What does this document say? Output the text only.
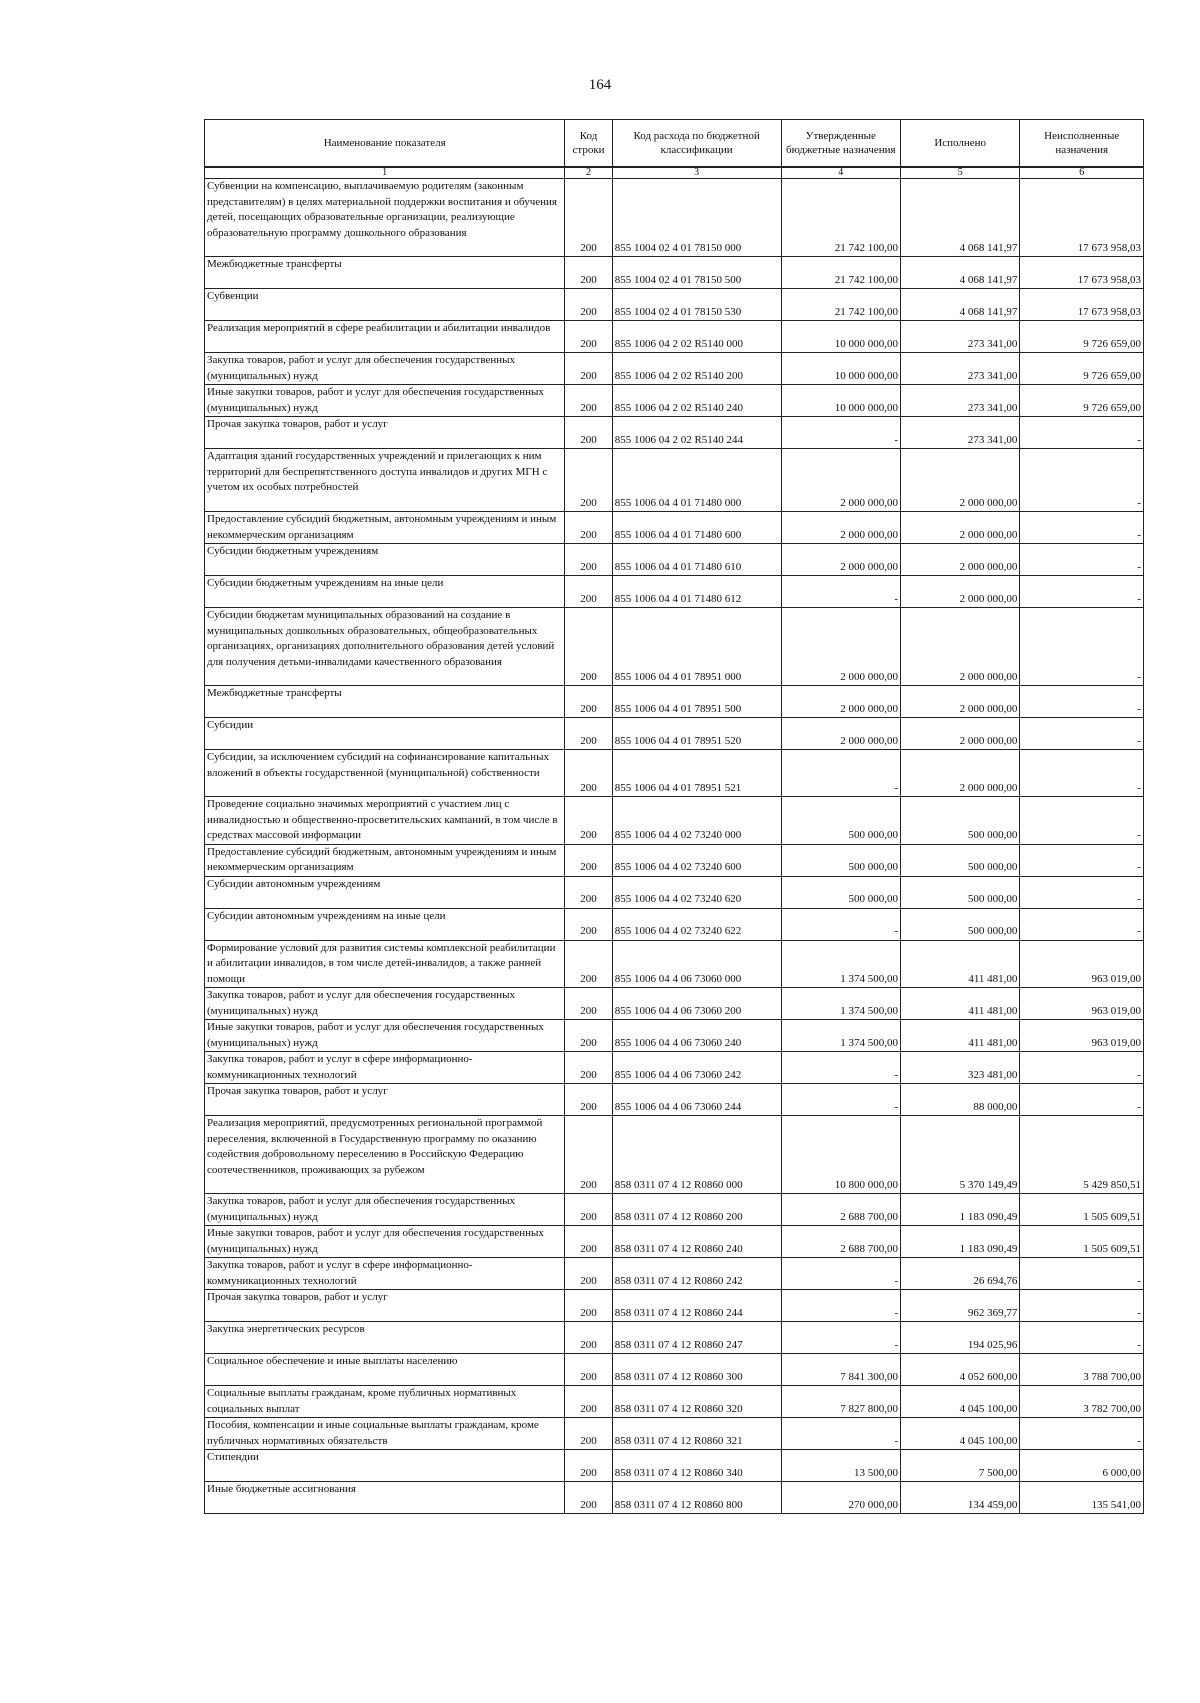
164
Наименование показателя	Код строки	Код расхода по бюджетной классификации	Утвержденные бюджетные назначения	Исполнено	Неисполненные назначения
1	2	3	4	5	6
Субвенции на компенсацию, выплачиваемую родителям (законным представителям) в целях материальной поддержки воспитания и обучения детей, посещающих образовательные организации, реализующие образовательную программу дошкольного образования	200	855 1004 02 4 01 78150 000	21 742 100,00	4 068 141,97	17 673 958,03
Межбюджетные трансферты	200	855 1004 02 4 01 78150 500	21 742 100,00	4 068 141,97	17 673 958,03
Субвенции	200	855 1004 02 4 01 78150 530	21 742 100,00	4 068 141,97	17 673 958,03
Реализация мероприятий в сфере реабилитации и абилитации инвалидов	200	855 1006 04 2 02 R5140 000	10 000 000,00	273 341,00	9 726 659,00
Закупка товаров, работ и услуг для обеспечения государственных (муниципальных) нужд	200	855 1006 04 2 02 R5140 200	10 000 000,00	273 341,00	9 726 659,00
Иные закупки товаров, работ и услуг для обеспечения государственных (муниципальных) нужд	200	855 1006 04 2 02 R5140 240	10 000 000,00	273 341,00	9 726 659,00
Прочая закупка товаров, работ и услуг	200	855 1006 04 2 02 R5140 244	-	273 341,00	-
Адаптация зданий государственных учреждений и прилегающих к ним территорий для беспрепятственного доступа инвалидов и других МГН с учетом их особых потребностей	200	855 1006 04 4 01 71480 000	2 000 000,00	2 000 000,00	-
Предоставление субсидий бюджетным, автономным учреждениям и иным некоммерческим организациям	200	855 1006 04 4 01 71480 600	2 000 000,00	2 000 000,00	-
Субсидии бюджетным учреждениям	200	855 1006 04 4 01 71480 610	2 000 000,00	2 000 000,00	-
Субсидии бюджетным учреждениям на иные цели	200	855 1006 04 4 01 71480 612	-	2 000 000,00	-
Субсидии бюджетам муниципальных образований на создание в муниципальных дошкольных образовательных, общеобразовательных организациях, организациях дополнительного образования детей условий для получения детьми-инвалидами качественного образования	200	855 1006 04 4 01 78951 000	2 000 000,00	2 000 000,00	-
Межбюджетные трансферты	200	855 1006 04 4 01 78951 500	2 000 000,00	2 000 000,00	-
Субсидии	200	855 1006 04 4 01 78951 520	2 000 000,00	2 000 000,00	-
Субсидии, за исключением субсидий на софинансирование капитальных вложений в объекты государственной (муниципальной) собственности	200	855 1006 04 4 01 78951 521	-	2 000 000,00	-
Проведение социально значимых мероприятий с участием лиц с инвалидностью и общественно-просветительских кампаний, в том числе в средствах массовой информации	200	855 1006 04 4 02 73240 000	500 000,00	500 000,00	-
Предоставление субсидий бюджетным, автономным учреждениям и иным некоммерческим организациям	200	855 1006 04 4 02 73240 600	500 000,00	500 000,00	-
Субсидии автономным учреждениям	200	855 1006 04 4 02 73240 620	500 000,00	500 000,00	-
Субсидии автономным учреждениям на иные цели	200	855 1006 04 4 02 73240 622	-	500 000,00	-
Формирование условий для развития системы комплексной реабилитации и абилитации инвалидов, в том числе детей-инвалидов, а также ранней помощи	200	855 1006 04 4 06 73060 000	1 374 500,00	411 481,00	963 019,00
Закупка товаров, работ и услуг для обеспечения государственных (муниципальных) нужд	200	855 1006 04 4 06 73060 200	1 374 500,00	411 481,00	963 019,00
Иные закупки товаров, работ и услуг для обеспечения государственных (муниципальных) нужд	200	855 1006 04 4 06 73060 240	1 374 500,00	411 481,00	963 019,00
Закупка товаров, работ и услуг в сфере информационно-коммуникационных технологий	200	855 1006 04 4 06 73060 242	-	323 481,00	-
Прочая закупка товаров, работ и услуг	200	855 1006 04 4 06 73060 244	-	88 000,00	-
Реализация мероприятий, предусмотренных региональной программой переселения, включенной в Государственную программу по оказанию содействия добровольному переселению в Российскую Федерацию соотечественников, проживающих за рубежом	200	858 0311 07 4 12 R0860 000	10 800 000,00	5 370 149,49	5 429 850,51
Закупка товаров, работ и услуг для обеспечения государственных (муниципальных) нужд	200	858 0311 07 4 12 R0860 200	2 688 700,00	1 183 090,49	1 505 609,51
Иные закупки товаров, работ и услуг для обеспечения государственных (муниципальных) нужд	200	858 0311 07 4 12 R0860 240	2 688 700,00	1 183 090,49	1 505 609,51
Закупка товаров, работ и услуг в сфере информационно-коммуникационных технологий	200	858 0311 07 4 12 R0860 242	-	26 694,76	-
Прочая закупка товаров, работ и услуг	200	858 0311 07 4 12 R0860 244	-	962 369,77	-
Закупка энергетических ресурсов	200	858 0311 07 4 12 R0860 247	-	194 025,96	-
Социальное обеспечение и иные выплаты населению	200	858 0311 07 4 12 R0860 300	7 841 300,00	4 052 600,00	3 788 700,00
Социальные выплаты гражданам, кроме публичных нормативных социальных выплат	200	858 0311 07 4 12 R0860 320	7 827 800,00	4 045 100,00	3 782 700,00
Пособия, компенсации и иные социальные выплаты гражданам, кроме публичных нормативных обязательств	200	858 0311 07 4 12 R0860 321	-	4 045 100,00	-
Стипендии	200	858 0311 07 4 12 R0860 340	13 500,00	7 500,00	6 000,00
Иные бюджетные ассигнования	200	858 0311 07 4 12 R0860 800	270 000,00	134 459,00	135 541,00
